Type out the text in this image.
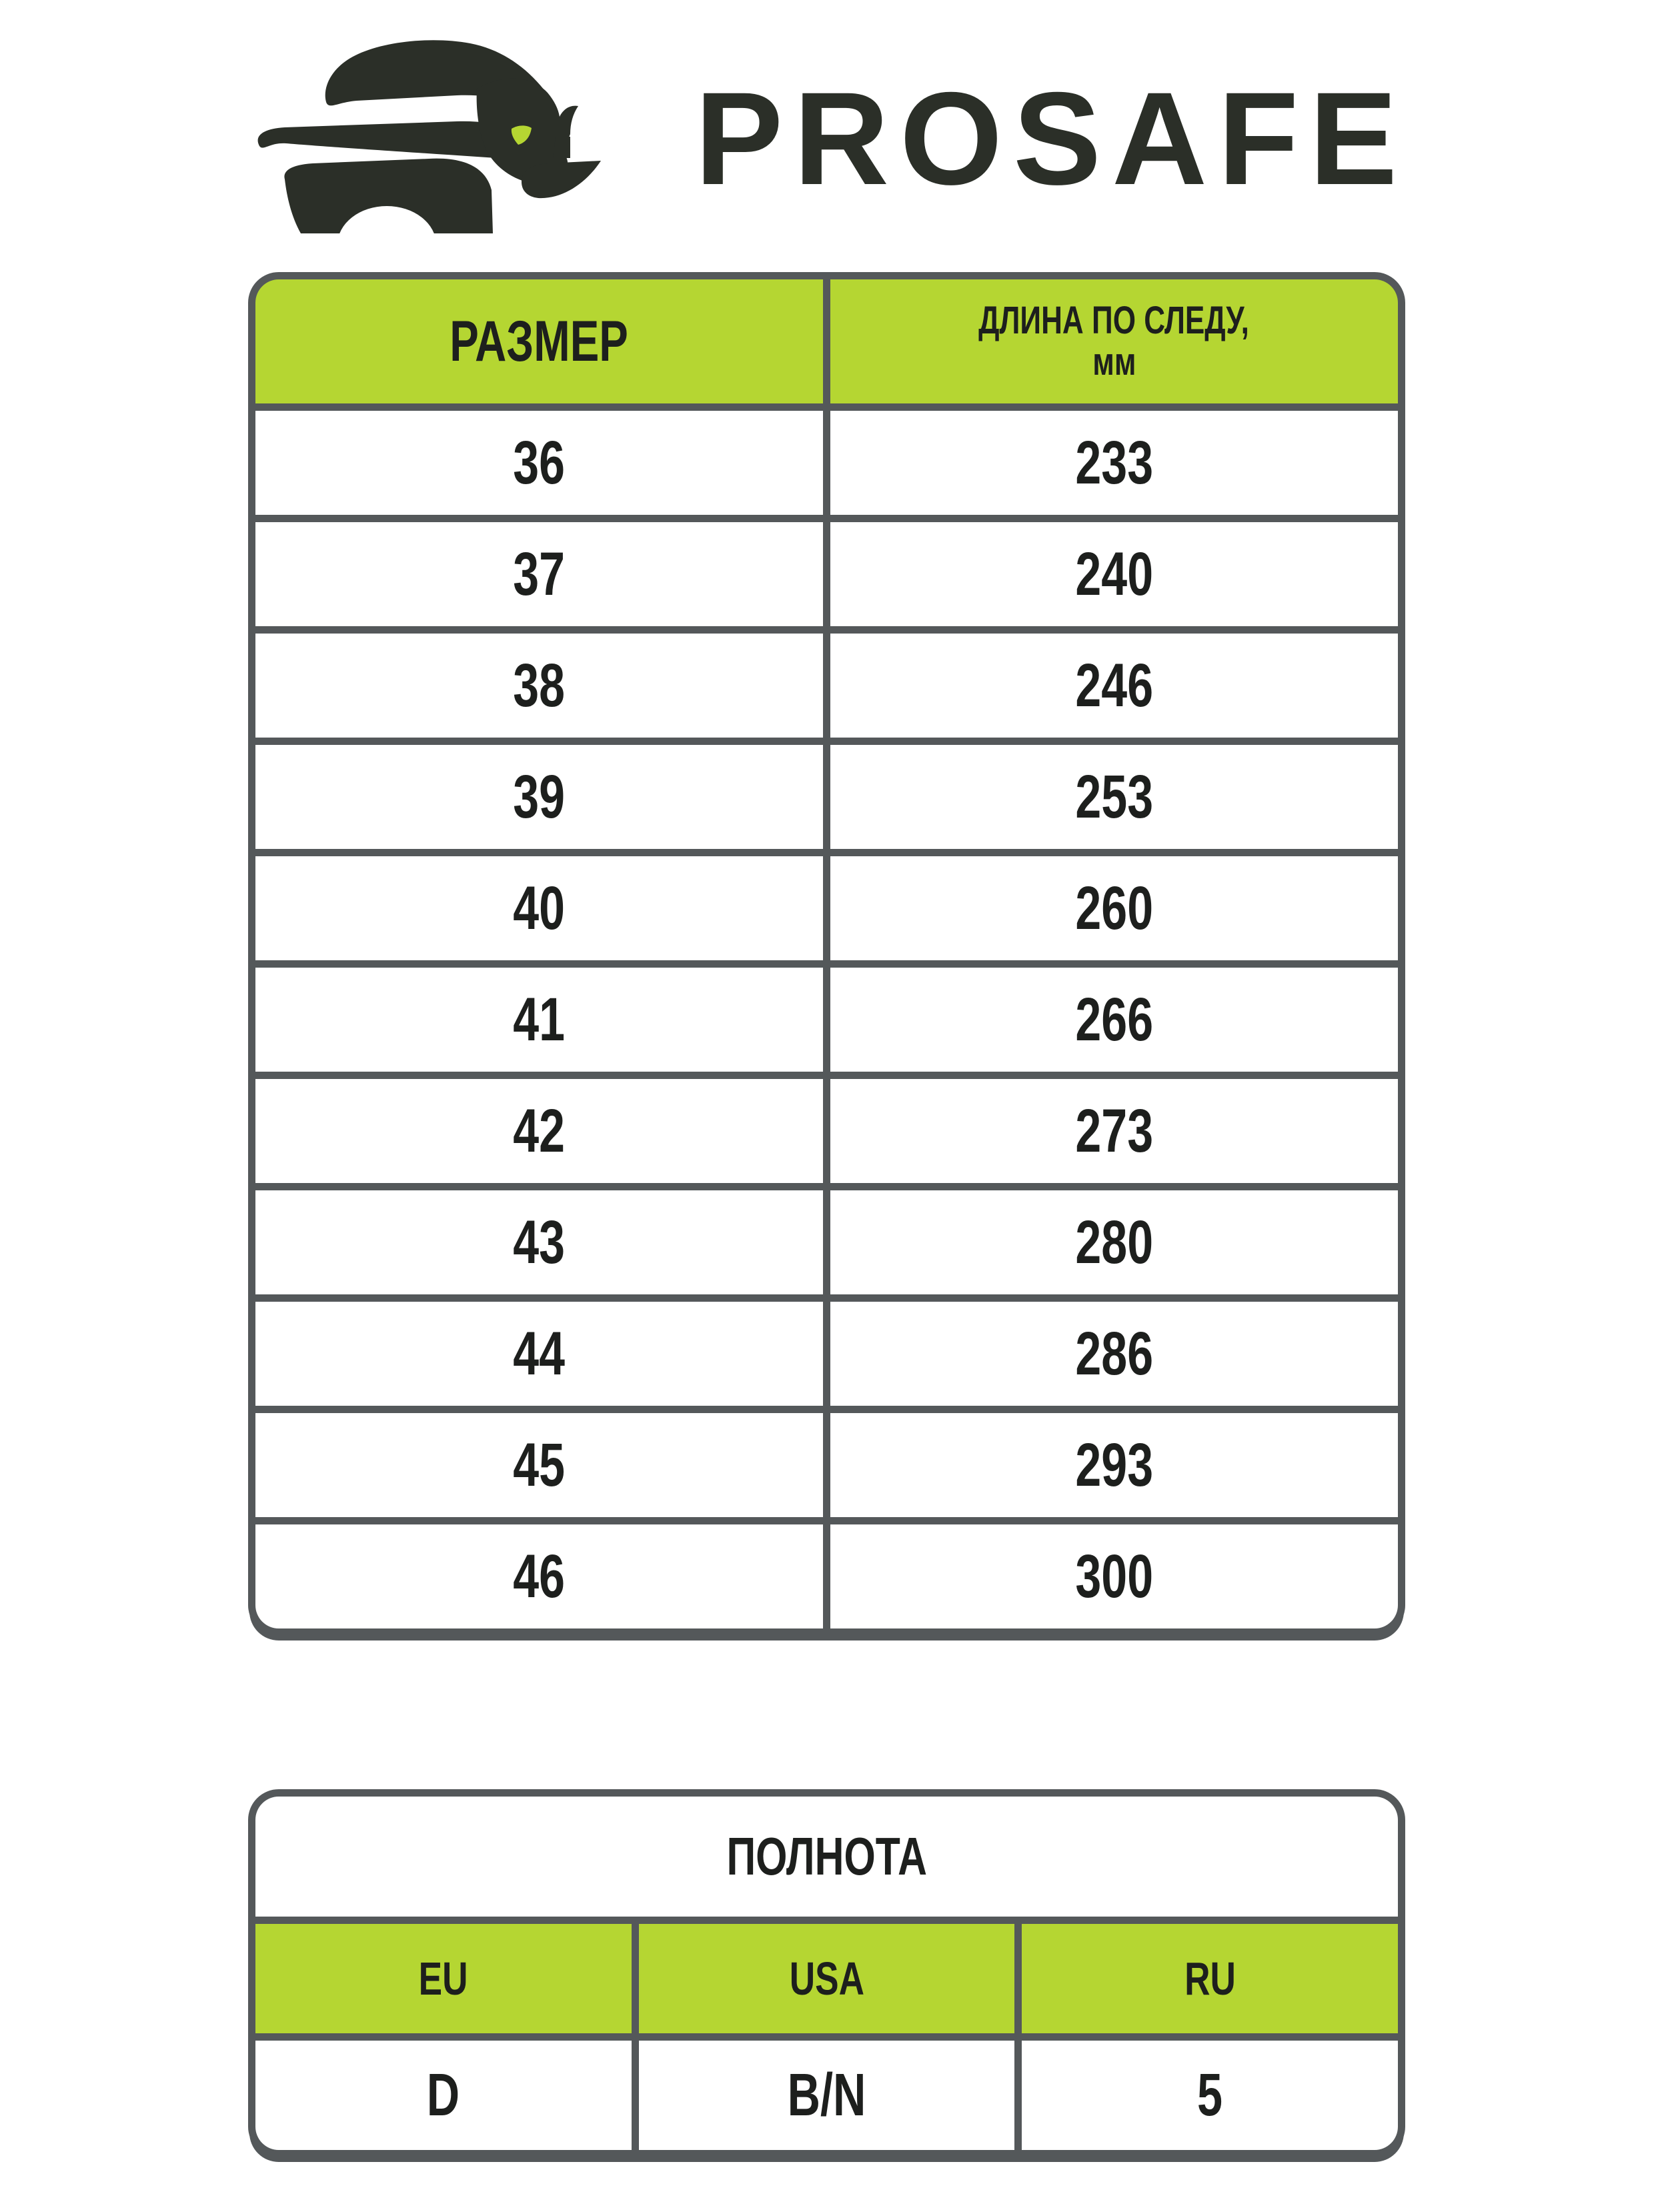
PROSAFE
РАЗМЕР	ДЛИНА ПО СЛЕДУ,
мм
36	233
37	240
38	246
39	253
40	260
41	266
42	273
43	280
44	286
45	293
46	300
ПОЛНОТА
EU	USA	RU
D	B/N	5
